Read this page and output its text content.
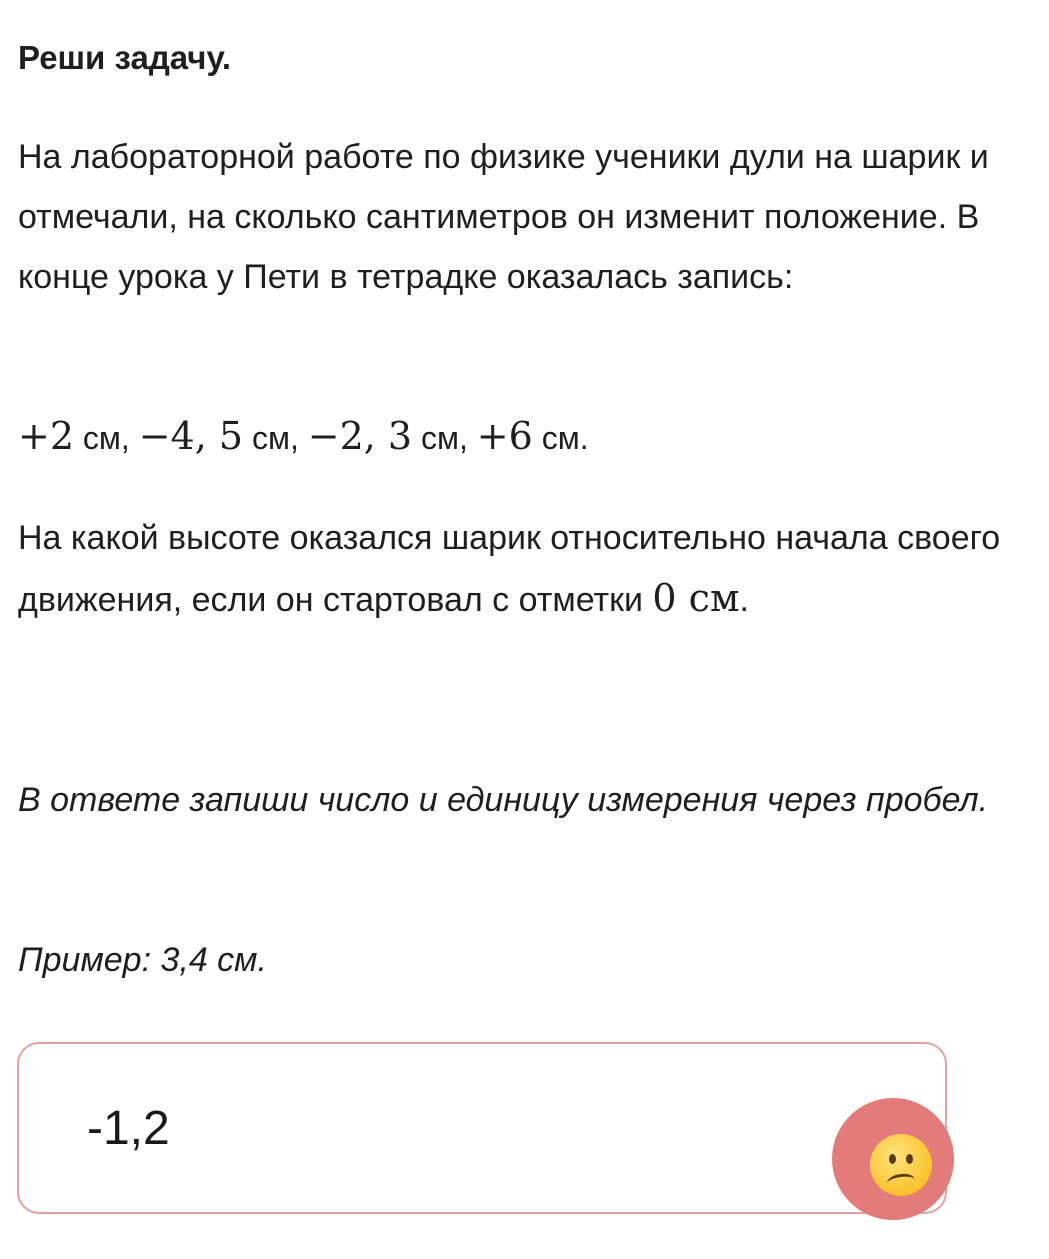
Реши задачу.

На лабораторной работе по физике ученики дули на шарик и отмечали, на сколько сантиметров он изменит положение. В конце урока у Пети в тетрадке оказалась запись:

+2 см, −4, 5 см, −2, 3 см, +6 см.

На какой высоте оказался шарик относительно начала своего движения, если он стартовал с отметки 0 см.

В ответе запиши число и единицу измерения через пробел.

Пример: 3,4 см.

-1,2
